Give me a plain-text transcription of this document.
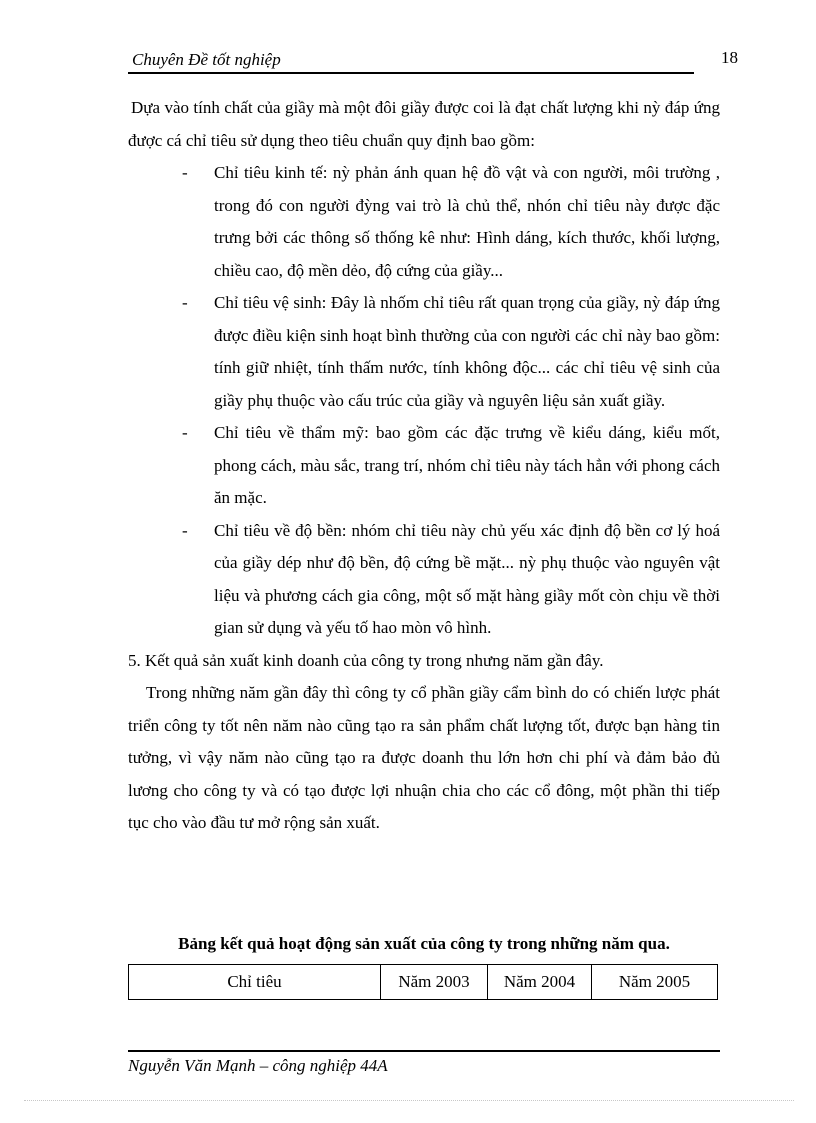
Chuyên Đề tốt nghiệp	18

Dựa vào tính chất của giầy mà một đôi giầy được coi là đạt chất lượng khi nỳ đáp ứng được cá chỉ tiêu sử dụng theo tiêu chuẩn quy định bao gồm:

- Chỉ tiêu kinh tế: nỳ phản ánh quan hệ đồ vật và con người, môi trường , trong đó con người đỳng vai trò là chủ thể, nhón chỉ tiêu này được đặc trưng bởi các thông số thống kê như: Hình dáng, kích thước, khối lượng, chiều cao, độ mền dẻo, độ cứng của giầy...
- Chỉ tiêu vệ sinh: Đây là nhốm chỉ tiêu rất quan trọng của giầy, nỳ đáp ứng được điều kiện sinh hoạt bình thường của con người các chỉ này bao gồm: tính giữ nhiệt, tính thấm nước, tính không độc... các chỉ tiêu vệ sinh của giầy phụ thuộc vào cấu trúc của giầy và nguyên liệu sản xuất giầy.
- Chỉ tiêu về thẩm mỹ: bao gồm các đặc trưng về kiểu dáng, kiểu mốt, phong cách, màu sắc, trang trí, nhóm chỉ tiêu này tách hẳn với phong cách ăn mặc.
- Chỉ tiêu về độ bền: nhóm chỉ tiêu này chủ yếu xác định độ bền cơ lý hoá của giầy dép như độ bền, độ cứng bề mặt... nỳ phụ thuộc vào nguyên vật liệu và phương cách gia công, một số mặt hàng giầy mốt còn chịu về thời gian sử dụng và yếu tố hao mòn vô hình.

5. Kết quả sản xuất kinh doanh của công ty trong nhưng năm gần đây.

Trong những năm gần đây thì công ty cổ phần giầy cẩm bình do có chiến lược phát triển công ty tốt nên năm nào cũng tạo ra sản phẩm chất lượng tốt, được bạn hàng tin tưởng, vì vậy năm nào cũng tạo ra được doanh thu lớn hơn chi phí và đảm bảo đủ lương cho công ty và có tạo được lợi nhuận chia cho các cổ đông, một phần thi tiếp tục cho vào đầu tư mở rộng sản xuất.

Bảng kết quả hoạt động sản xuất của công ty trong những năm qua.
Chỉ tiêu	Năm 2003	Năm 2004	Năm 2005
Nguyễn Văn Mạnh – công nghiệp 44A
